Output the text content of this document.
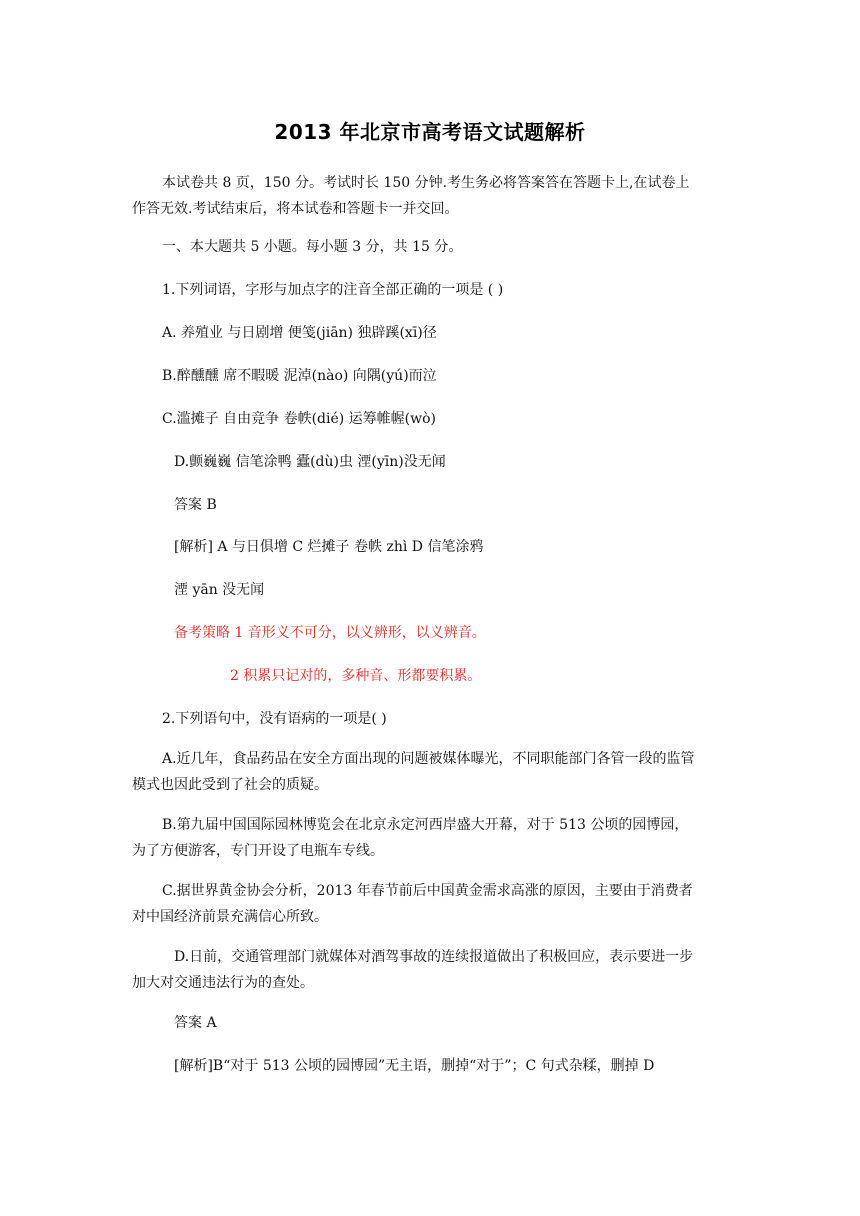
2013 年北京市高考语文试题解析
本试卷共 8 页，150 分。考试时长 150 分钟.考生务必将答案答在答题卡上,在试卷上作答无效.考试结束后，将本试卷和答题卡一并交回。
一、本大题共 5 小题。每小题 3 分，共 15 分。
1.下列词语，字形与加点字的注音全部正确的一项是 ( )
A. 养殖业 与日剧增 便笺(jiān) 独辟蹊(xī)径
B.醉醺醺 席不暇暖 泥淖(nào) 向隅(yú)而泣
C.滥摊子 自由竞争 卷帙(dié) 运筹帷幄(wò)
D.颤巍巍 信笔涂鸭 蠹(dù)虫 湮(yīn)没无闻
答案 B
[解析] A 与日俱增 C 烂摊子 卷帙 zhì D 信笔涂鸦
湮 yān 没无闻
备考策略 1 音形义不可分，以义辨形，以义辨音。
2 积累只记对的，多种音、形都要积累。
2.下列语句中，没有语病的一项是( )
A.近几年，食品药品在安全方面出现的问题被媒体曝光，不同职能部门各管一段的监管模式也因此受到了社会的质疑。
B.第九届中国国际园林博览会在北京永定河西岸盛大开幕，对于 513 公顷的园博园，为了方便游客，专门开设了电瓶车专线。
C.据世界黄金协会分析，2013 年春节前后中国黄金需求高涨的原因，主要由于消费者对中国经济前景充满信心所致。
D.日前，交通管理部门就媒体对酒驾事故的连续报道做出了积极回应，表示要进一步加大对交通违法行为的查处。
答案 A
[解析]B“对于 513 公顷的园博园”无主语，删掉“对于”；C 句式杂糅，删掉 D
